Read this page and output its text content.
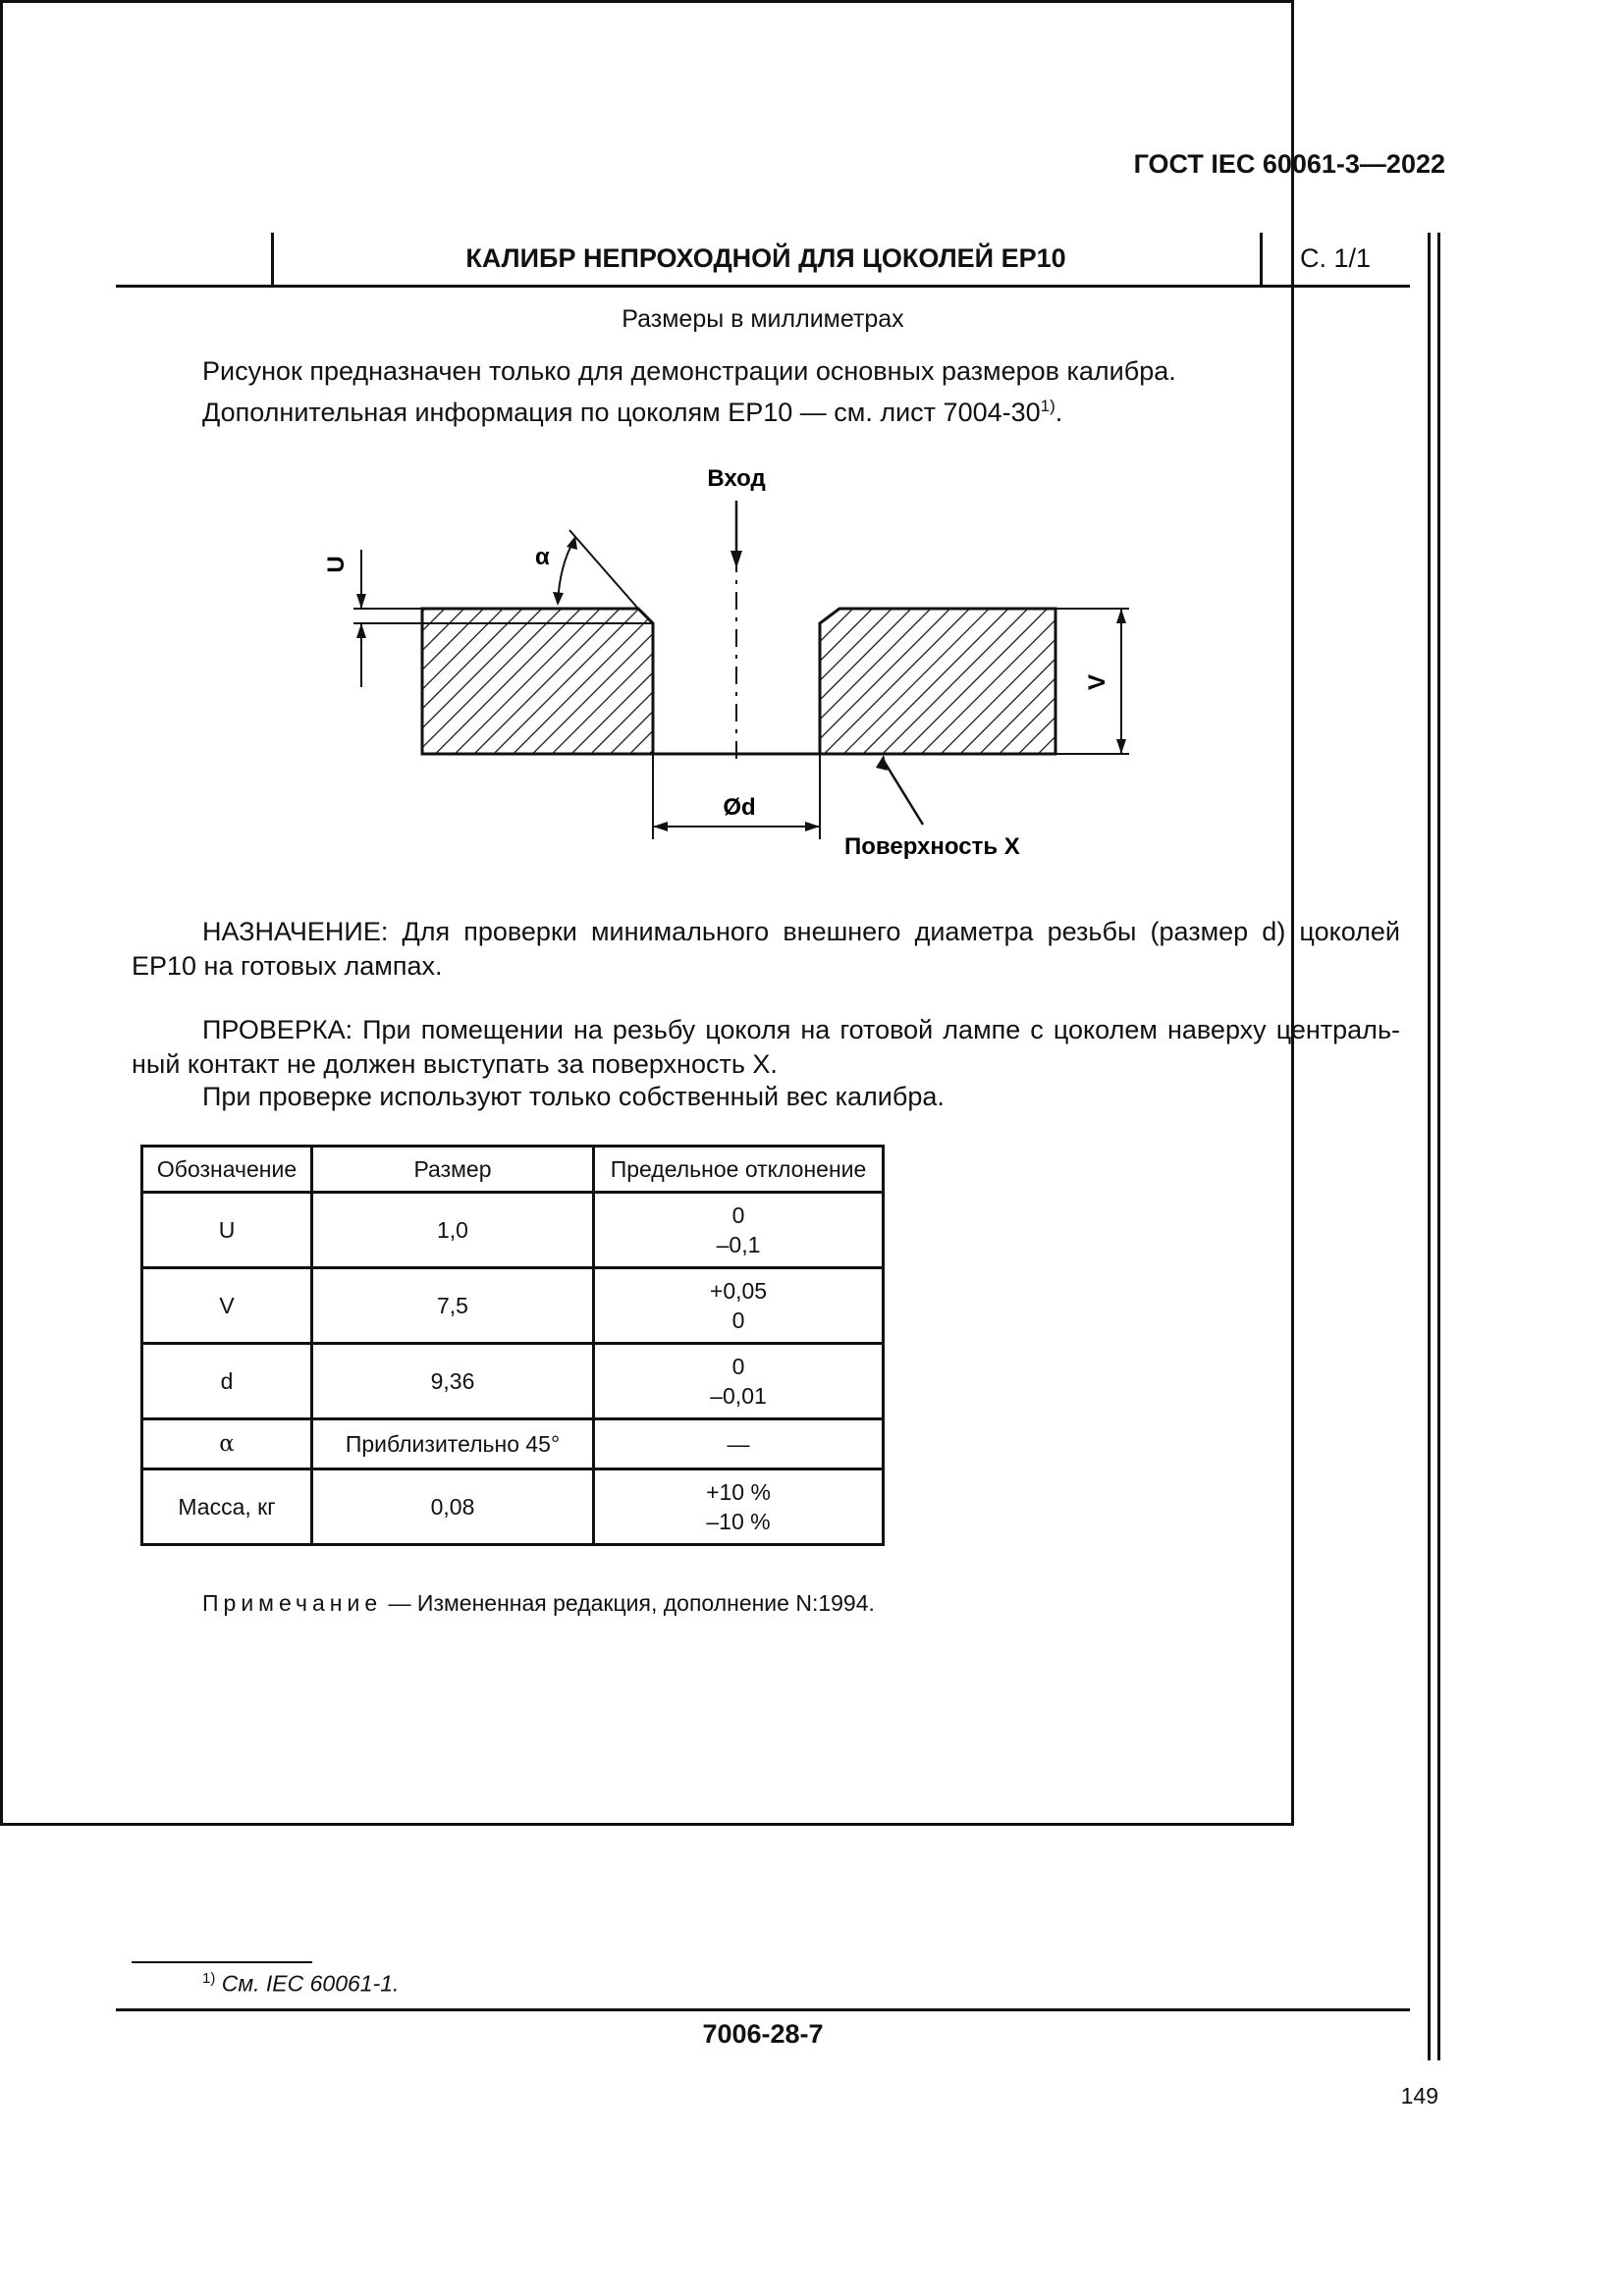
ГОСТ IEC 60061-3—2022
КАЛИБР НЕПРОХОДНОЙ ДЛЯ ЦОКОЛЕЙ EP10	С. 1/1
Размеры в миллиметрах
Рисунок предназначен только для демонстрации основных размеров калибра.
Дополнительная информация по цоколям EP10 — см. лист 7004-30$^{1)}$.
Вход
U	α
V
Ød
Поверхность X
НАЗНАЧЕНИЕ: Для проверки минимального внешнего диаметра резьбы (размер d) цоколей EP10 на готовых лампах.
ПРОВЕРКА: При помещении на резьбу цоколя на готовой лампе с цоколем наверху централь-ный контакт не должен выступать за поверхность X.
При проверке используют только собственный вес калибра.
Обозначение	Размер	Предельное отклонение
U	1,0	0
–0,1

V	7,5	+0,05
0

d	9,36	0
–0,01

α	Приблизительно 45°	—
Масса, кг	0,08	+10 %
–10 %
Примечание — Измененная редакция, дополнение N:1994.
$^{1)}$ См. IEC 60061-1.
7006-28-7
149
